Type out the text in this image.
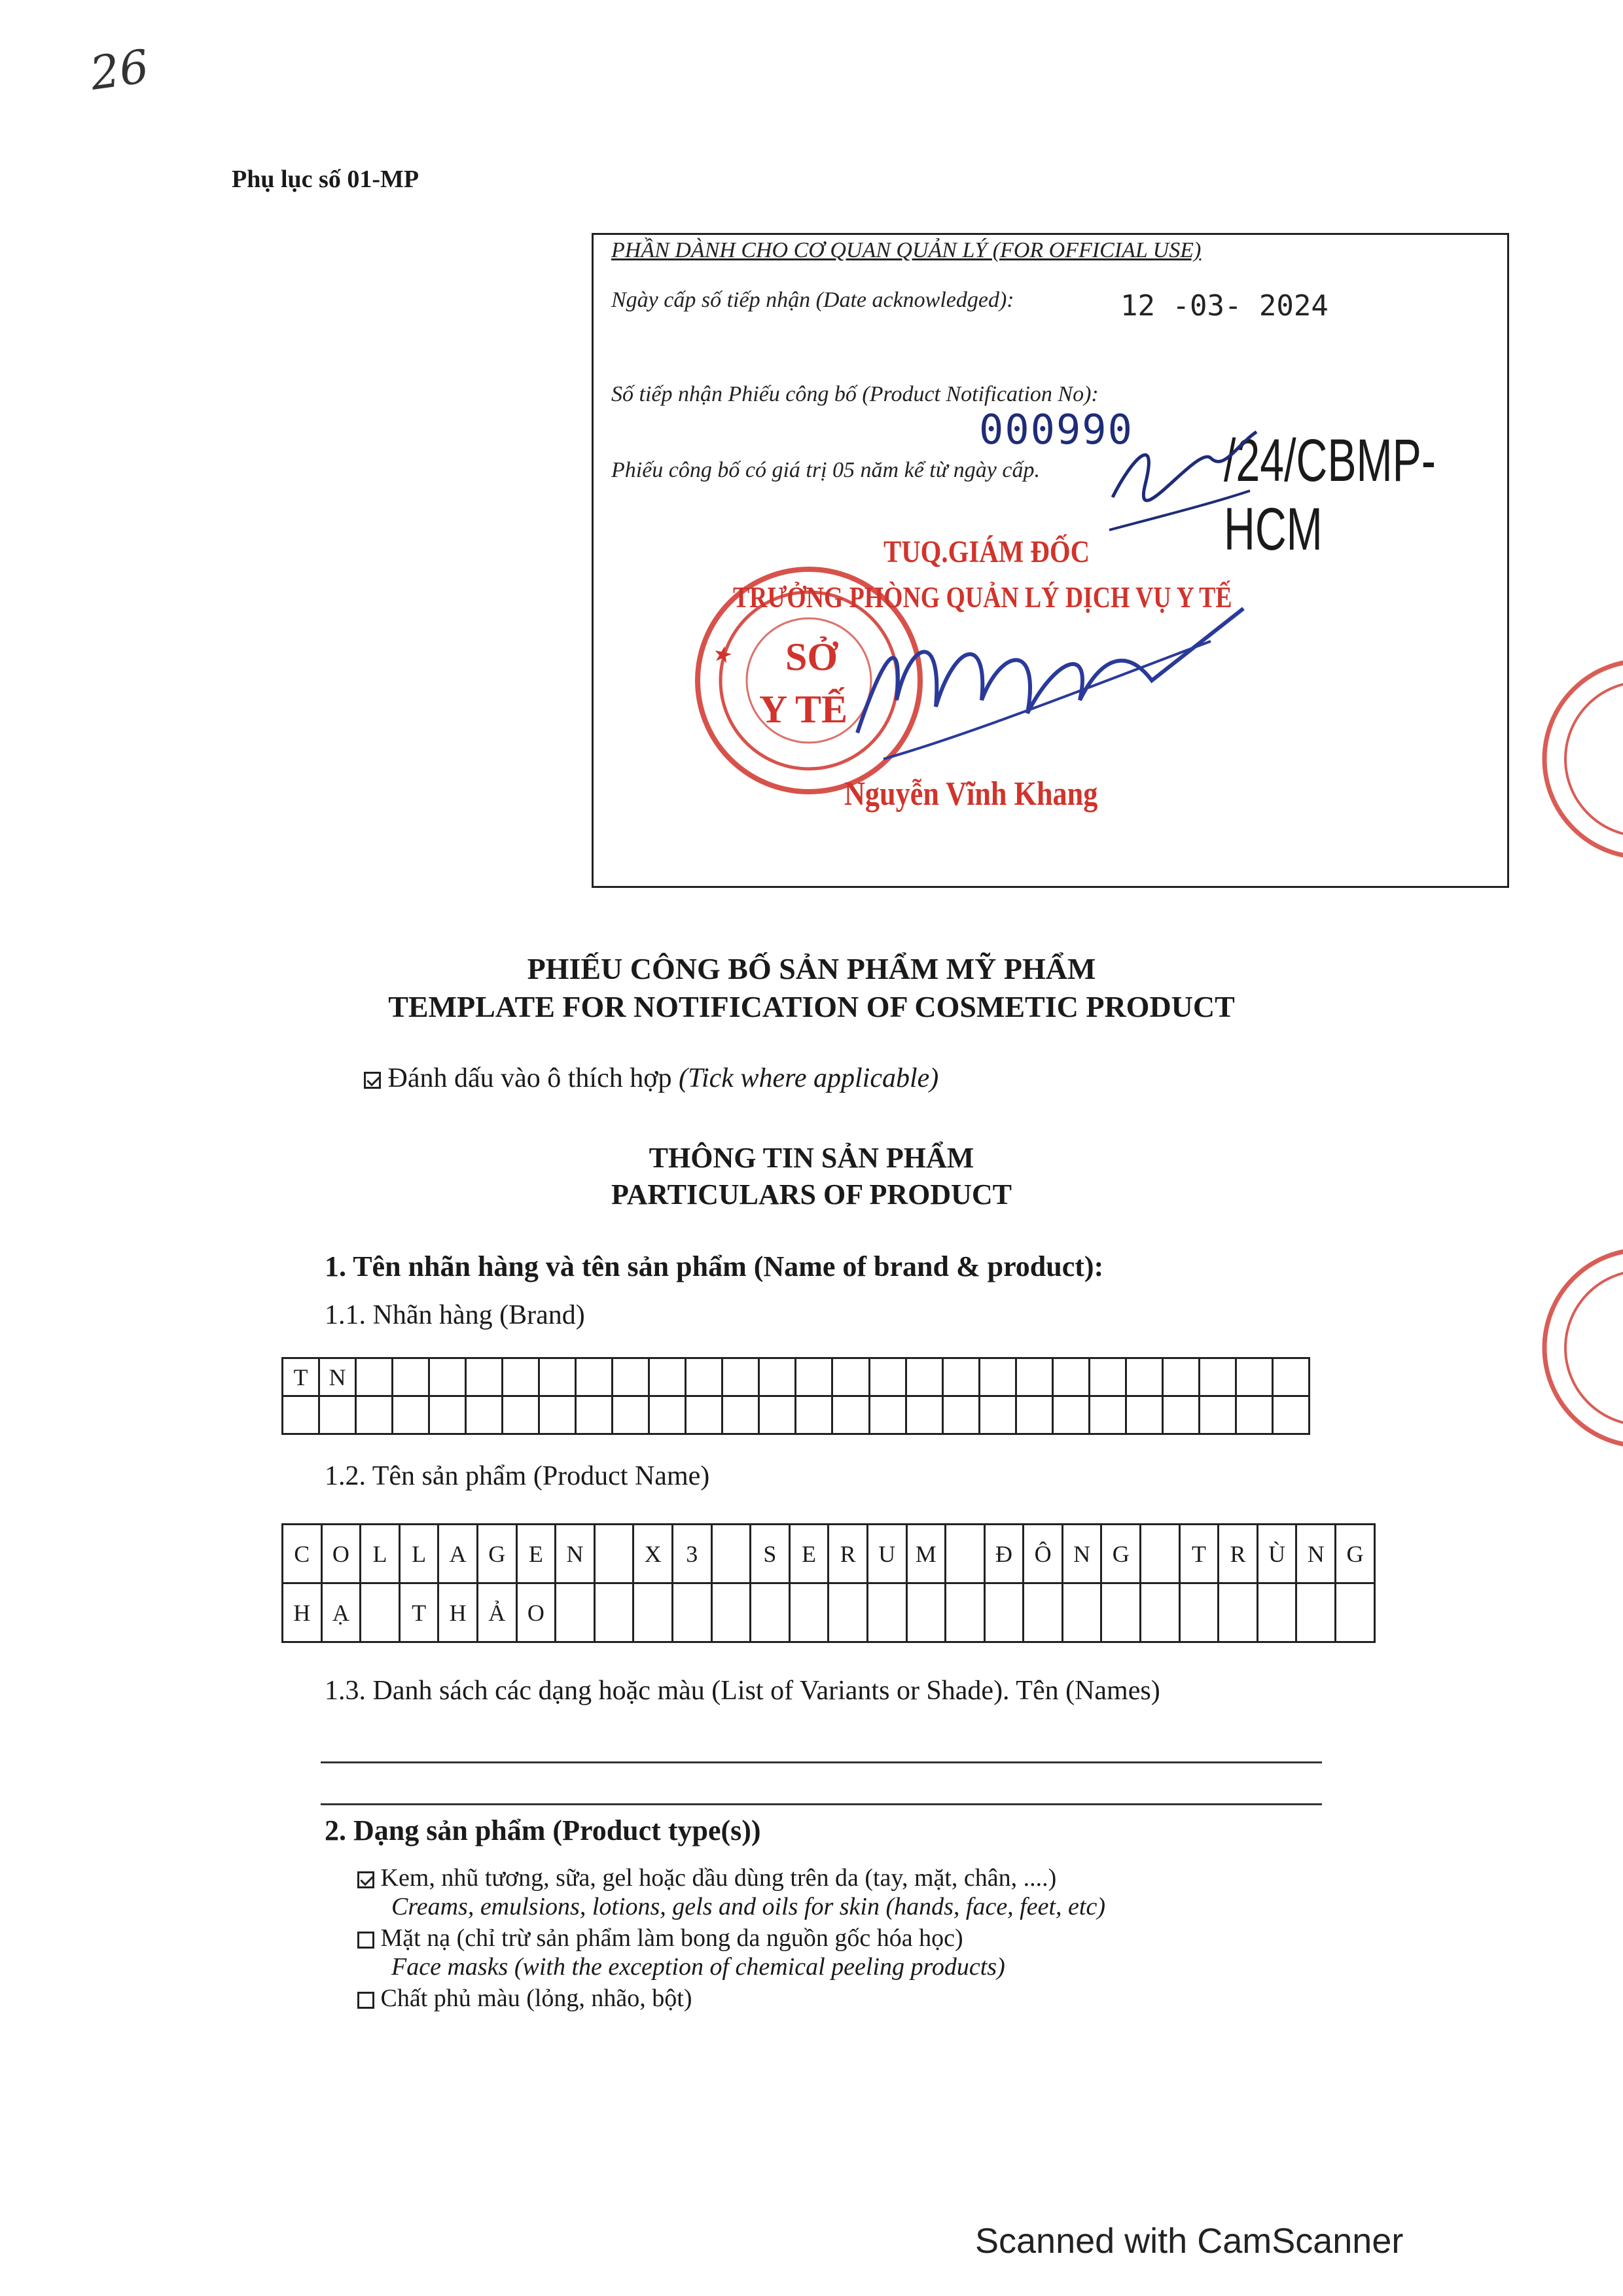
26
Phụ lục số 01-MP
PHẦN DÀNH CHO CƠ QUAN QUẢN LÝ (FOR OFFICIAL USE)
Ngày cấp số tiếp nhận (Date acknowledged):	12 -03- 2024
Số tiếp nhận Phiếu công bố (Product Notification No):
000990
Phiếu công bố có giá trị 05 năm kể từ ngày cấp.	/24/CBMP-HCM
TUQ.GIÁM ĐỐC
TRƯỞNG PHÒNG QUẢN LÝ DỊCH VỤ Y TẾ
★ SỞ
Y TẾ
Nguyễn Vĩnh Khang
PHIẾU CÔNG BỐ SẢN PHẨM MỸ PHẨM
TEMPLATE FOR NOTIFICATION OF COSMETIC PRODUCT
Đánh dấu vào ô thích hợp (Tick where applicable)
THÔNG TIN SẢN PHẨM
PARTICULARS OF PRODUCT
1. Tên nhãn hàng và tên sản phẩm (Name of brand & product):
1.1. Nhãn hàng (Brand)
T	N																										

1.2. Tên sản phẩm (Product Name)
C	O	L	L	A	G	E	N		X	3		S	E	R	U	M		Đ	Ô	N	G		T	R	Ù	N	G
H	Ạ		T	H	Ả	O																					
1.3. Danh sách các dạng hoặc màu (List of Variants or Shade). Tên (Names)
2. Dạng sản phẩm (Product type(s))
Kem, nhũ tương, sữa, gel hoặc dầu dùng trên da (tay, mặt, chân, ....)
Creams, emulsions, lotions, gels and oils for skin (hands, face, feet, etc)
Mặt nạ (chỉ trừ sản phẩm làm bong da nguồn gốc hóa học)
Face masks (with the exception of chemical peeling products)
Chất phủ màu (lỏng, nhão, bột)
Scanned with CamScanner
